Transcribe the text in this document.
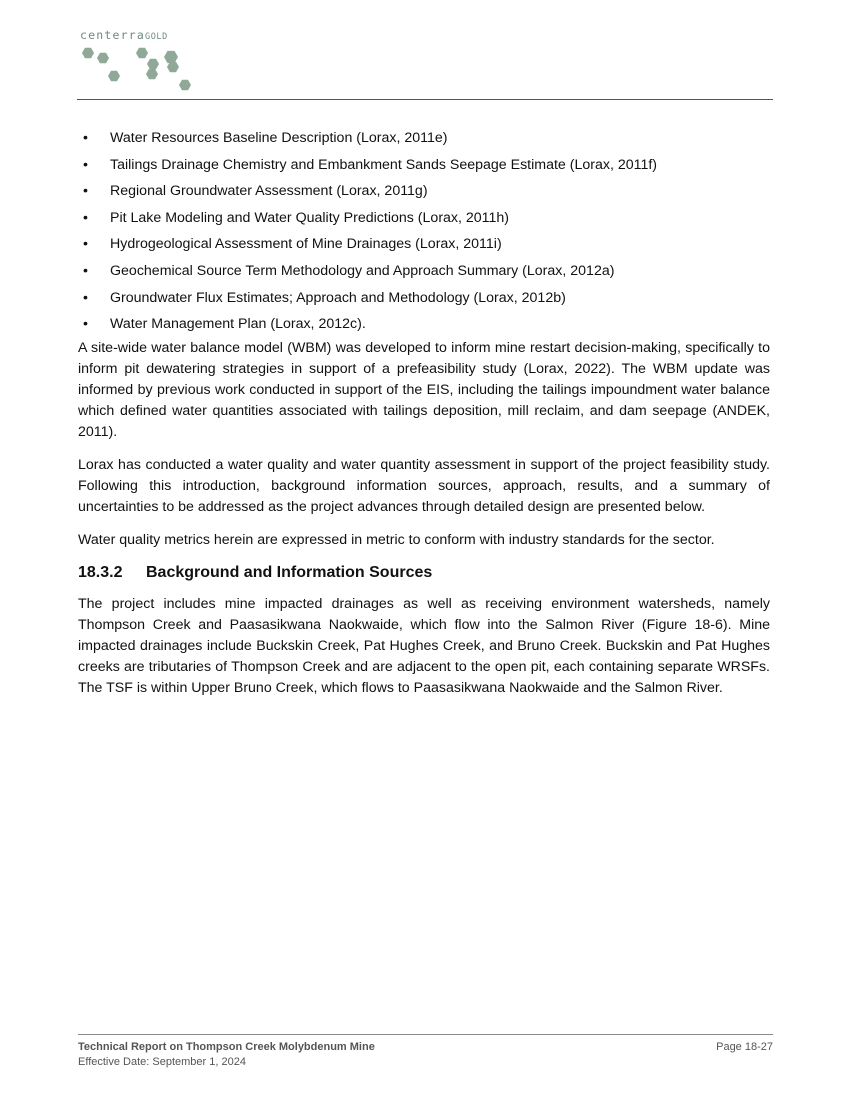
centerraGOLD
• Water Resources Baseline Description (Lorax, 2011e)
• Tailings Drainage Chemistry and Embankment Sands Seepage Estimate (Lorax, 2011f)
• Regional Groundwater Assessment (Lorax, 2011g)
• Pit Lake Modeling and Water Quality Predictions (Lorax, 2011h)
• Hydrogeological Assessment of Mine Drainages (Lorax, 2011i)
• Geochemical Source Term Methodology and Approach Summary (Lorax, 2012a)
• Groundwater Flux Estimates; Approach and Methodology (Lorax, 2012b)
• Water Management Plan (Lorax, 2012c).

A site-wide water balance model (WBM) was developed to inform mine restart decision-making, specifically to inform pit dewatering strategies in support of a prefeasibility study (Lorax, 2022). The WBM update was informed by previous work conducted in support of the EIS, including the tailings impoundment water balance which defined water quantities associated with tailings deposition, mill reclaim, and dam seepage (ANDEK, 2011).

Lorax has conducted a water quality and water quantity assessment in support of the project feasibility study. Following this introduction, background information sources, approach, results, and a summary of uncertainties to be addressed as the project advances through detailed design are presented below.

Water quality metrics herein are expressed in metric to conform with industry standards for the sector.

18.3.2 Background and Information Sources

The project includes mine impacted drainages as well as receiving environment watersheds, namely Thompson Creek and Paasasikwana Naokwaide, which flow into the Salmon River (Figure 18-6). Mine impacted drainages include Buckskin Creek, Pat Hughes Creek, and Bruno Creek. Buckskin and Pat Hughes creeks are tributaries of Thompson Creek and are adjacent to the open pit, each containing separate WRSFs. The TSF is within Upper Bruno Creek, which flows to Paasasikwana Naokwaide and the Salmon River.

Technical Report on Thompson Creek Molybdenum Mine
Effective Date: September 1, 2024
Page 18-27
